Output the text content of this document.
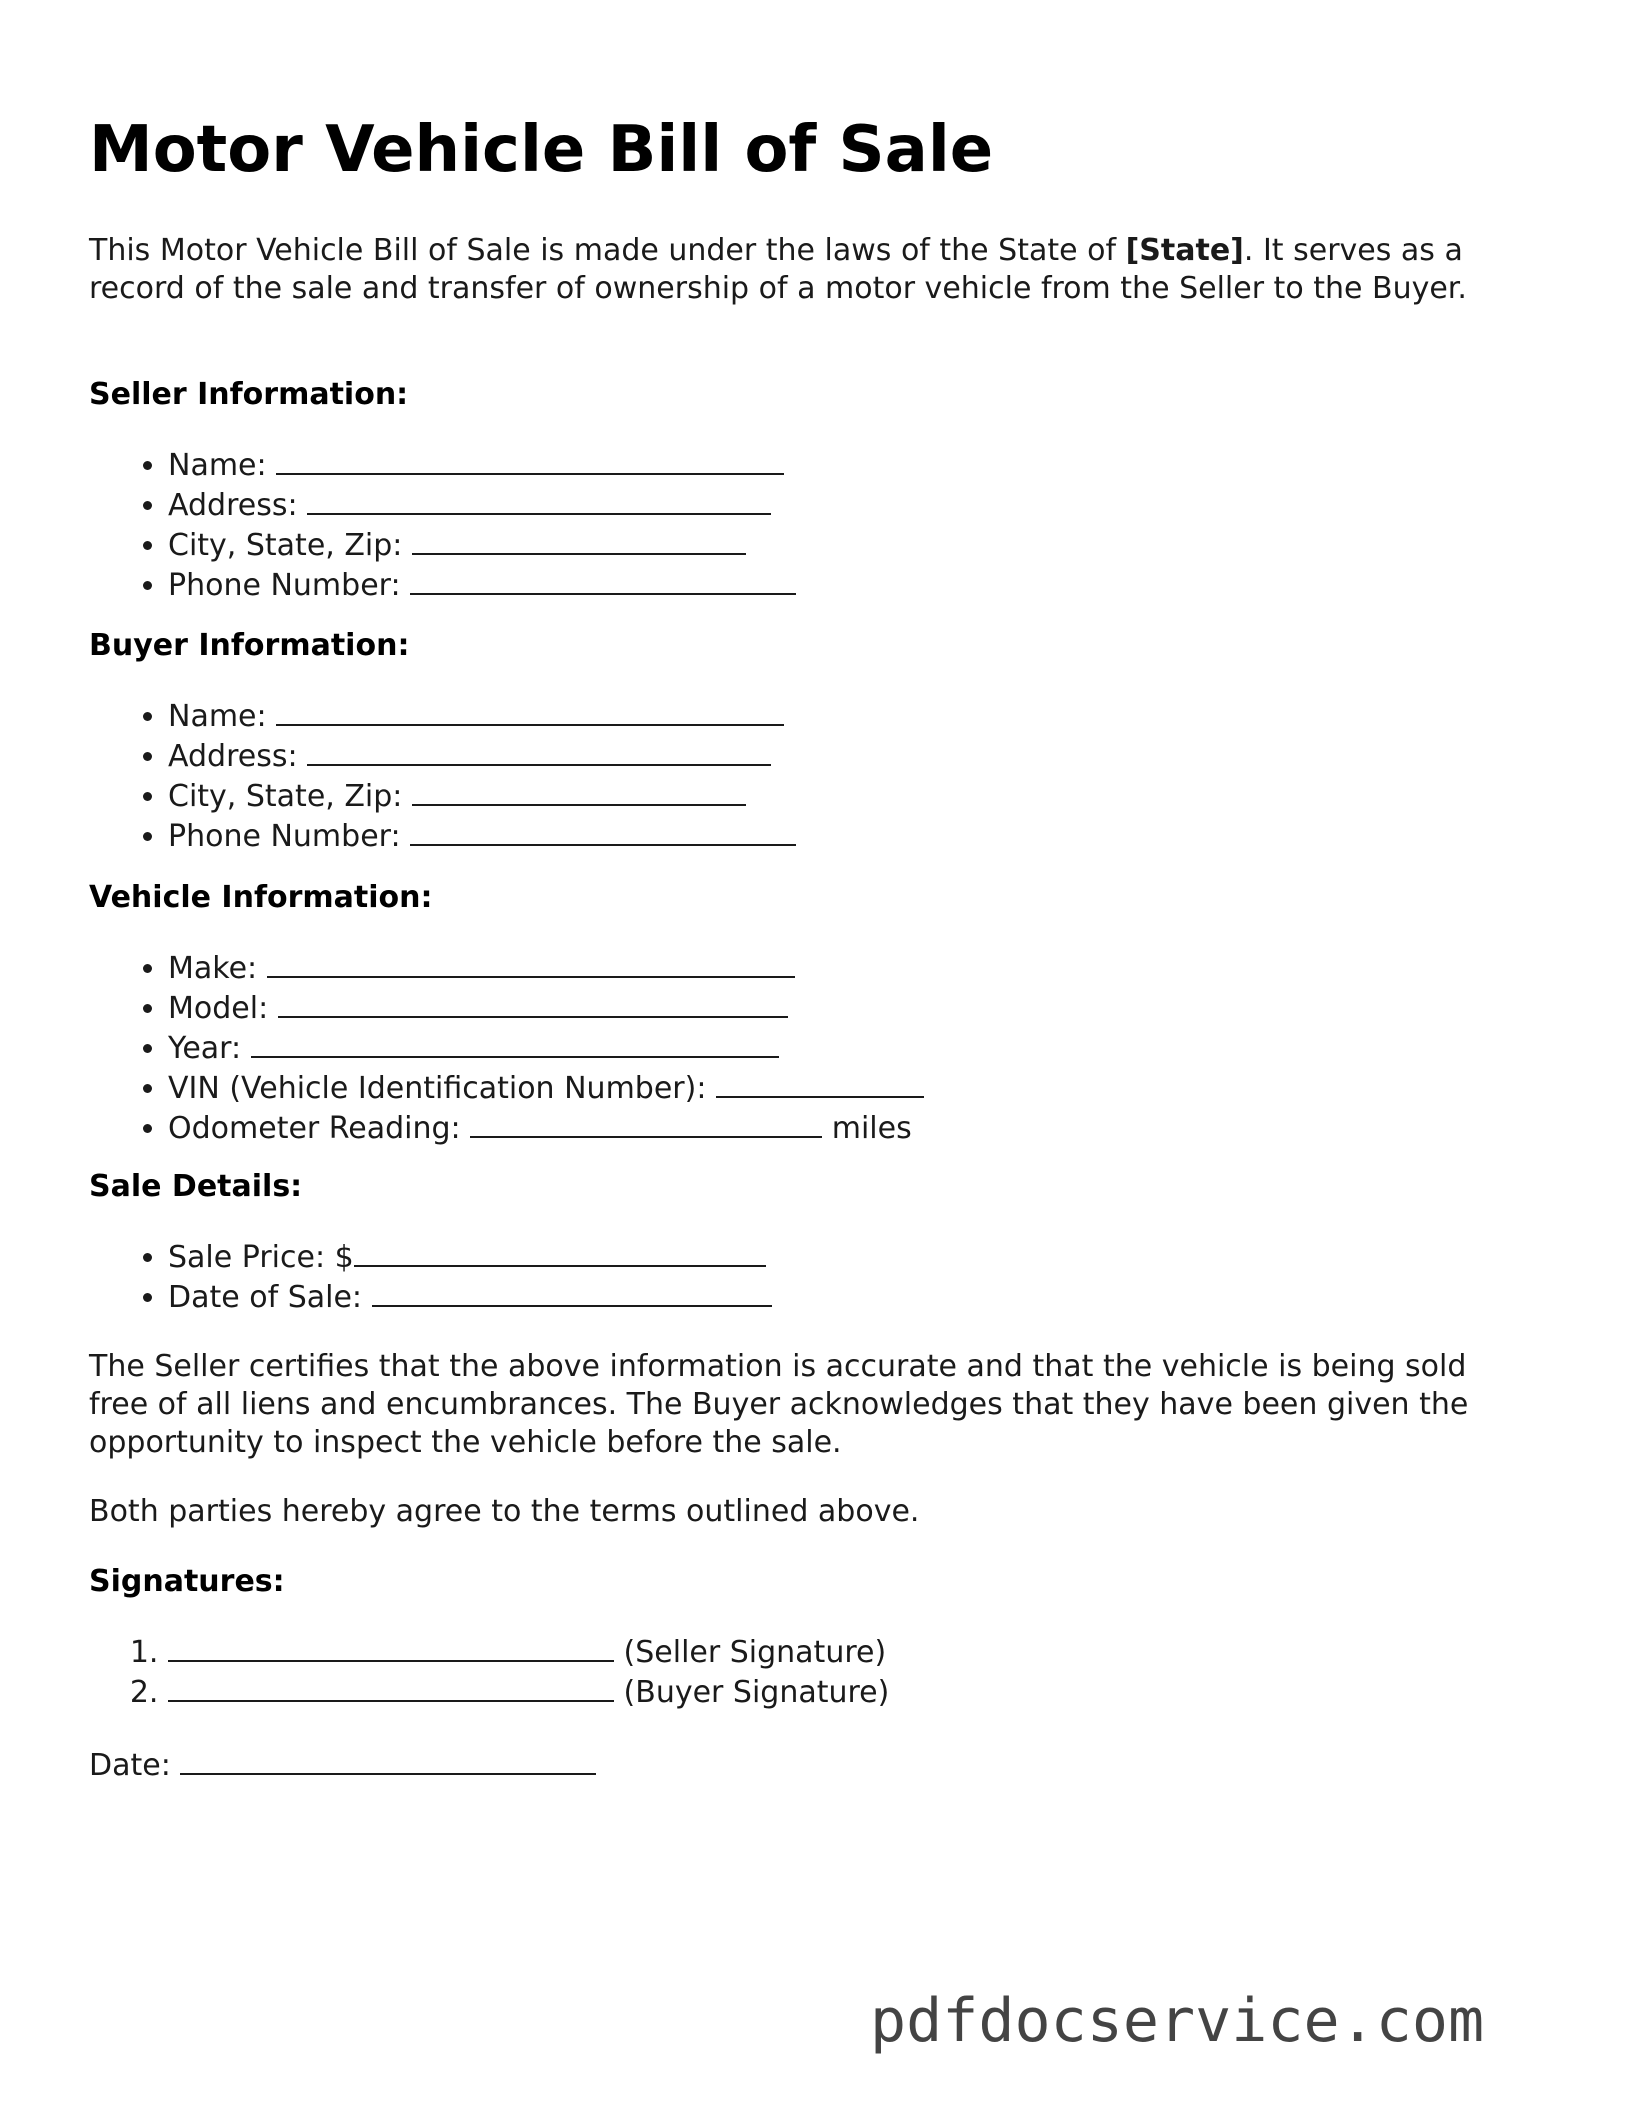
Motor Vehicle Bill of Sale

This Motor Vehicle Bill of Sale is made under the laws of the State of [State]. It serves as a record of the sale and transfer of ownership of a motor vehicle from the Seller to the Buyer.

Seller Information:

• Name:
• Address:
• City, State, Zip:
• Phone Number:

Buyer Information:

• Name:
• Address:
• City, State, Zip:
• Phone Number:

Vehicle Information:

• Make:
• Model:
• Year:
• VIN (Vehicle Identification Number):
• Odometer Reading:	miles

Sale Details:

• Sale Price: $
• Date of Sale:

The Seller certifies that the above information is accurate and that the vehicle is being sold free of all liens and encumbrances. The Buyer acknowledges that they have been given the opportunity to inspect the vehicle before the sale.

Both parties hereby agree to the terms outlined above.

Signatures:

1. (Seller Signature)
2. (Buyer Signature)

Date:

pdfdocservice.com
